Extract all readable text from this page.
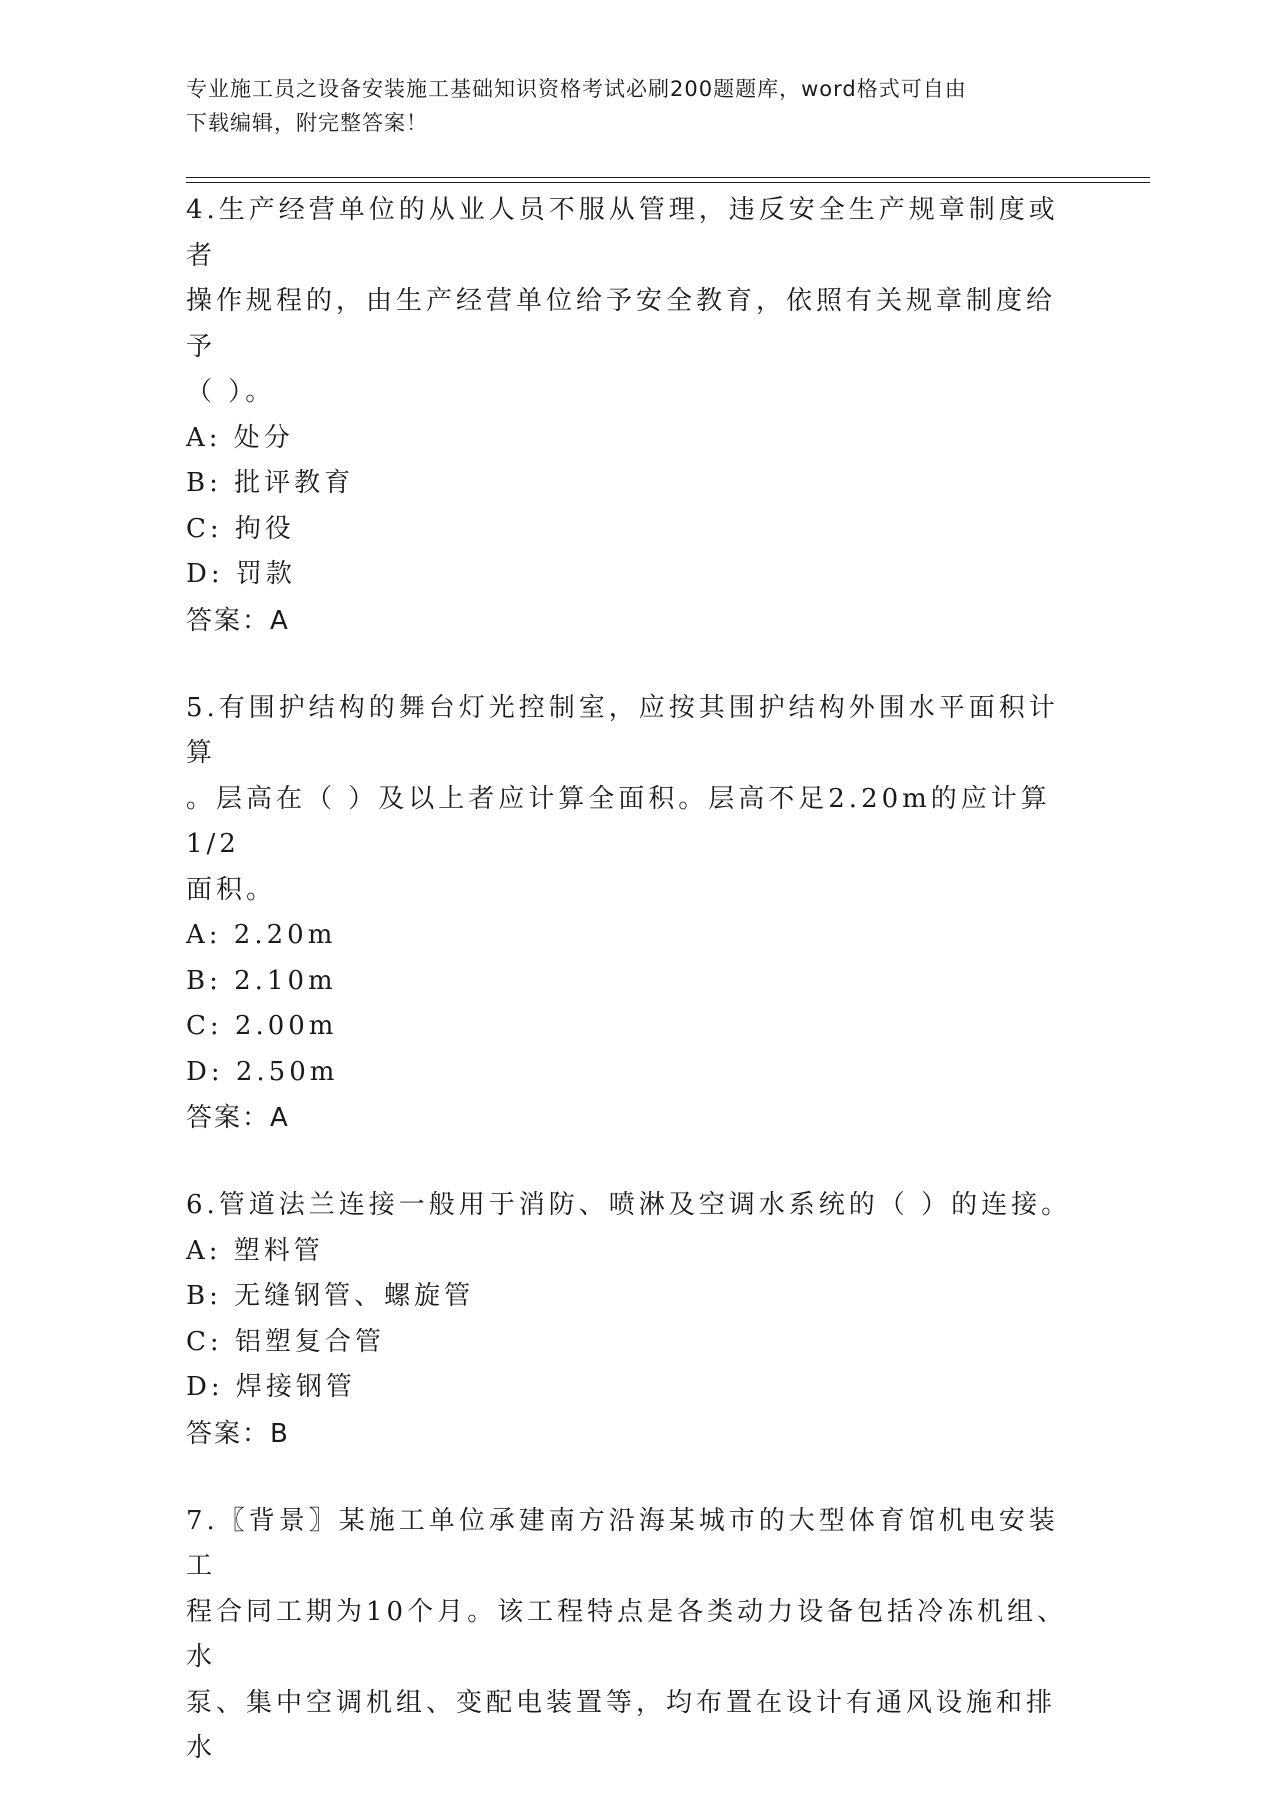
专业施工员之设备安装施工基础知识资格考试必刷200题题库，word格式可自由
下载编辑，附完整答案！
4.生产经营单位的从业人员不服从管理，违反安全生产规章制度或者
操作规程的，由生产经营单位给予安全教育，依照有关规章制度给予
（ ）。
A: 处分
B: 批评教育
C: 拘役
D: 罚款
答案：A
5.有围护结构的舞台灯光控制室，应按其围护结构外围水平面积计算
。层高在（ ）及以上者应计算全面积。层高不足2.20m的应计算1/2
面积。
A: 2.20m
B: 2.10m
C: 2.00m
D: 2.50m
答案：A
6.管道法兰连接一般用于消防、喷淋及空调水系统的（ ）的连接。
A: 塑料管
B: 无缝钢管、螺旋管
C: 铝塑复合管
D: 焊接钢管
答案：B
7.〖背景〗某施工单位承建南方沿海某城市的大型体育馆机电安装工
程合同工期为10个月。该工程特点是各类动力设备包括冷冻机组、水
泵、集中空调机组、变配电装置等，均布置在设计有通风设施和排水
